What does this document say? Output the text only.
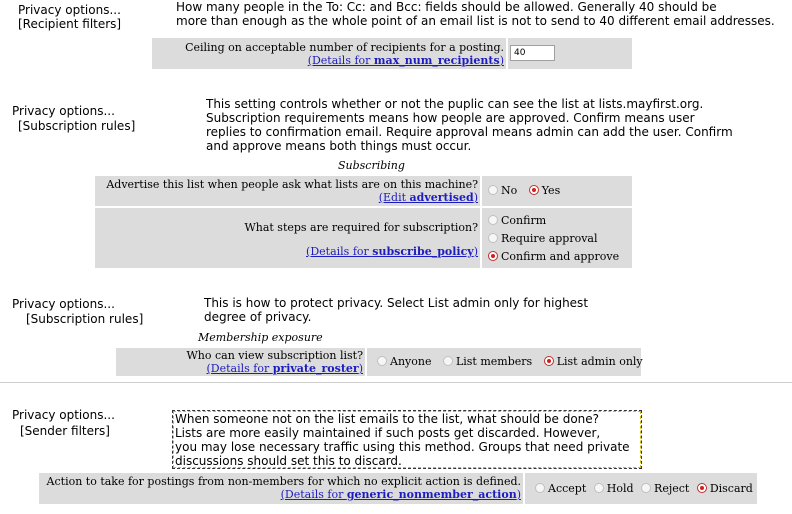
Privacy options...
[Recipient filters]
How many people in the To: Cc: and Bcc: fields should be allowed. Generally 40 should be
more than enough as the whole point of an email list is not to send to 40 different email addresses.
Ceiling on acceptable number of recipients for a posting.
(Details for max_num_recipients)
40
Privacy options...
[Subscription rules]
This setting controls whether or not the puplic can see the list at lists.mayfirst.org.
Subscription requirements means how people are approved. Confirm means user
replies to confirmation email. Require approval means admin can add the user. Confirm
and approve means both things must occur.
Subscribing
Advertise this list when people ask what lists are on this machine?
(Edit advertised)
No Yes
What steps are required for subscription?
(Details for subscribe_policy)
Confirm
Require approval
Confirm and approve
Privacy options...
[Subscription rules]
This is how to protect privacy. Select List admin only for highest
degree of privacy.
Membership exposure
Who can view subscription list?
(Details for private_roster)
Anyone List members List admin only
Privacy options...
[Sender filters]
When someone not on the list emails to the list, what should be done?
Lists are more easily maintained if such posts get discarded. However,
you may lose necessary traffic using this method. Groups that need private
discussions should set this to discard.
Action to take for postings from non-members for which no explicit action is defined.
(Details for generic_nonmember_action)	Accept Hold Reject Discard
